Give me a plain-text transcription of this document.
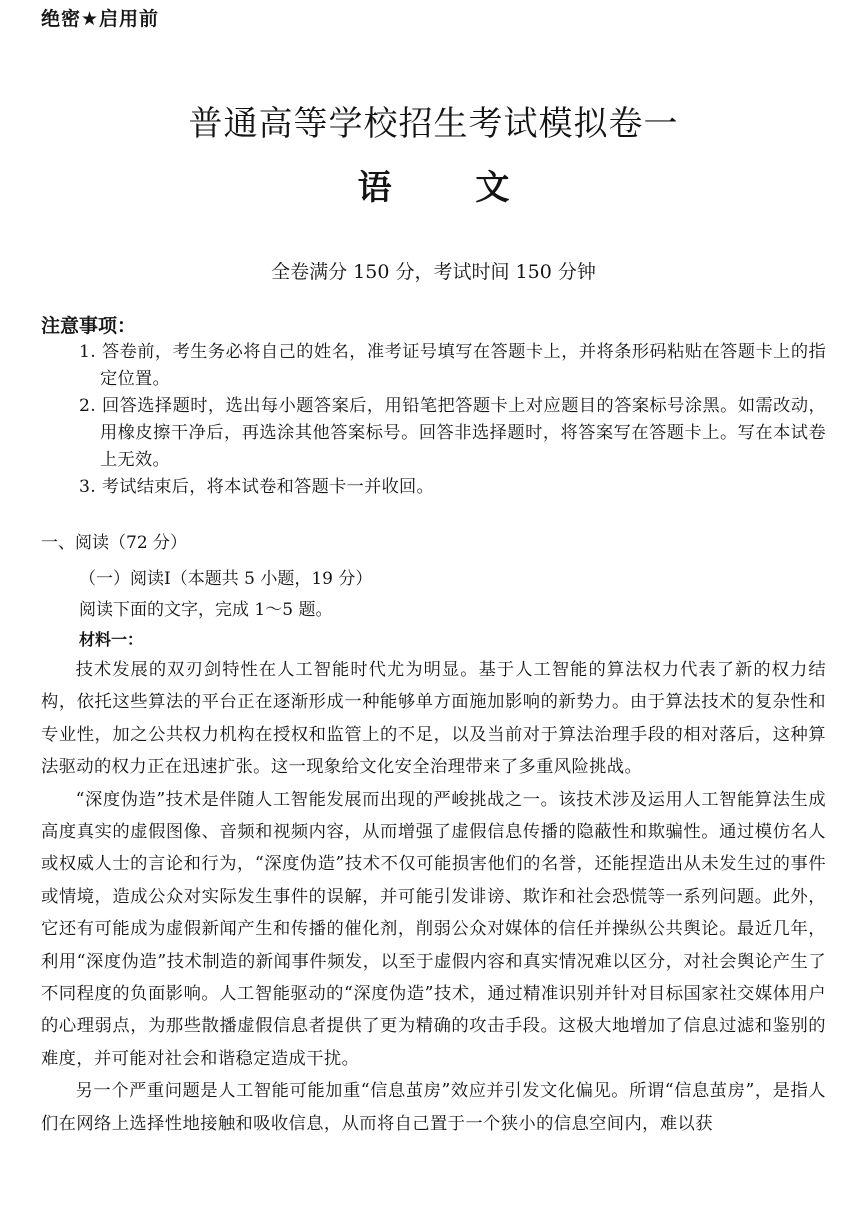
绝密★启用前
普通高等学校招生考试模拟卷一
语 文
全卷满分 150 分，考试时间 150 分钟
注意事项：
1. 答卷前，考生务必将自己的姓名，准考证号填写在答题卡上，并将条形码粘贴在答题卡上的指定位置。
2. 回答选择题时，选出每小题答案后，用铅笔把答题卡上对应题目的答案标号涂黑。如需改动，用橡皮擦干净后，再选涂其他答案标号。回答非选择题时，将答案写在答题卡上。写在本试卷上无效。
3. 考试结束后，将本试卷和答题卡一并收回。
一、阅读（72 分）
（一）阅读Ⅰ（本题共 5 小题，19 分）
阅读下面的文字，完成 1～5 题。
材料一：

技术发展的双刃剑特性在人工智能时代尤为明显。基于人工智能的算法权力代表了新的权力结构，依托这些算法的平台正在逐渐形成一种能够单方面施加影响的新势力。由于算法技术的复杂性和专业性，加之公共权力机构在授权和监管上的不足，以及当前对于算法治理手段的相对落后，这种算法驱动的权力正在迅速扩张。这一现象给文化安全治理带来了多重风险挑战。

“深度伪造”技术是伴随人工智能发展而出现的严峻挑战之一。该技术涉及运用人工智能算法生成高度真实的虚假图像、音频和视频内容，从而增强了虚假信息传播的隐蔽性和欺骗性。通过模仿名人或权威人士的言论和行为，“深度伪造”技术不仅可能损害他们的名誉，还能捏造出从未发生过的事件或情境，造成公众对实际发生事件的误解，并可能引发诽谤、欺诈和社会恐慌等一系列问题。此外，它还有可能成为虚假新闻产生和传播的催化剂，削弱公众对媒体的信任并操纵公共舆论。最近几年，利用“深度伪造”技术制造的新闻事件频发，以至于虚假内容和真实情况难以区分，对社会舆论产生了不同程度的负面影响。人工智能驱动的“深度伪造”技术，通过精准识别并针对目标国家社交媒体用户的心理弱点，为那些散播虚假信息者提供了更为精确的攻击手段。这极大地增加了信息过滤和鉴别的难度，并可能对社会和谐稳定造成干扰。

另一个严重问题是人工智能可能加重“信息茧房”效应并引发文化偏见。所谓“信息茧房”，是指人们在网络上选择性地接触和吸收信息，从而将自己置于一个狭小的信息空间内，难以获
